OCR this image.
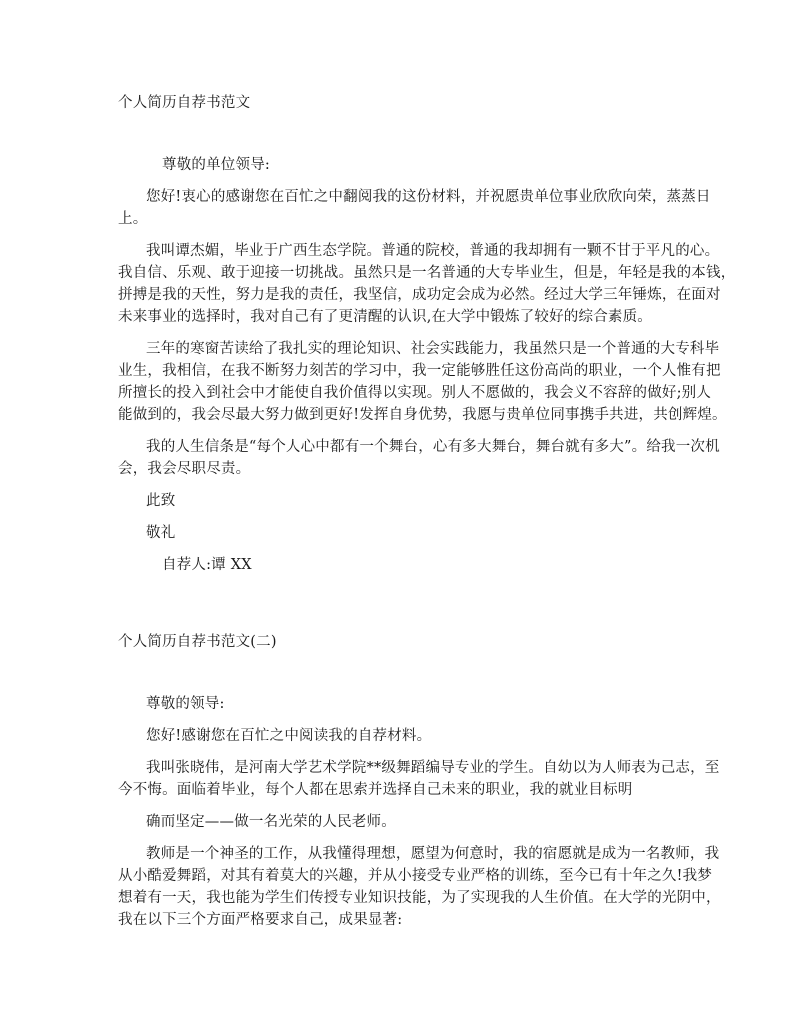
个人简历自荐书范文
尊敬的单位领导:
您好!衷心的感谢您在百忙之中翻阅我的这份材料，并祝愿贵单位事业欣欣向荣，蒸蒸日
上。
我叫谭杰媚，毕业于广西生态学院。普通的院校，普通的我却拥有一颗不甘于平凡的心。
我自信、乐观、敢于迎接一切挑战。虽然只是一名普通的大专毕业生，但是，年轻是我的本钱，
拼搏是我的天性，努力是我的责任，我坚信，成功定会成为必然。经过大学三年锤炼，在面对
未来事业的选择时，我对自己有了更清醒的认识,在大学中锻炼了较好的综合素质。
三年的寒窗苦读给了我扎实的理论知识、社会实践能力，我虽然只是一个普通的大专科毕
业生，我相信，在我不断努力刻苦的学习中，我一定能够胜任这份高尚的职业，一个人惟有把
所擅长的投入到社会中才能使自我价值得以实现。别人不愿做的，我会义不容辞的做好;别人
能做到的，我会尽最大努力做到更好!发挥自身优势，我愿与贵单位同事携手共进，共创辉煌。
我的人生信条是“每个人心中都有一个舞台，心有多大舞台，舞台就有多大”。给我一次机
会，我会尽职尽责。
此致
敬礼
自荐人:谭 XX
个人简历自荐书范文(二)
尊敬的领导:
您好!感谢您在百忙之中阅读我的自荐材料。
我叫张晓伟，是河南大学艺术学院**级舞蹈编导专业的学生。自幼以为人师表为己志，至
今不悔。面临着毕业，每个人都在思索并选择自己未来的职业，我的就业目标明
确而坚定——做一名光荣的人民老师。
教师是一个神圣的工作，从我懂得理想，愿望为何意时，我的宿愿就是成为一名教师，我
从小酷爱舞蹈，对其有着莫大的兴趣，并从小接受专业严格的训练，至今已有十年之久!我梦
想着有一天，我也能为学生们传授专业知识技能，为了实现我的人生价值。在大学的光阴中，
我在以下三个方面严格要求自己，成果显著:
